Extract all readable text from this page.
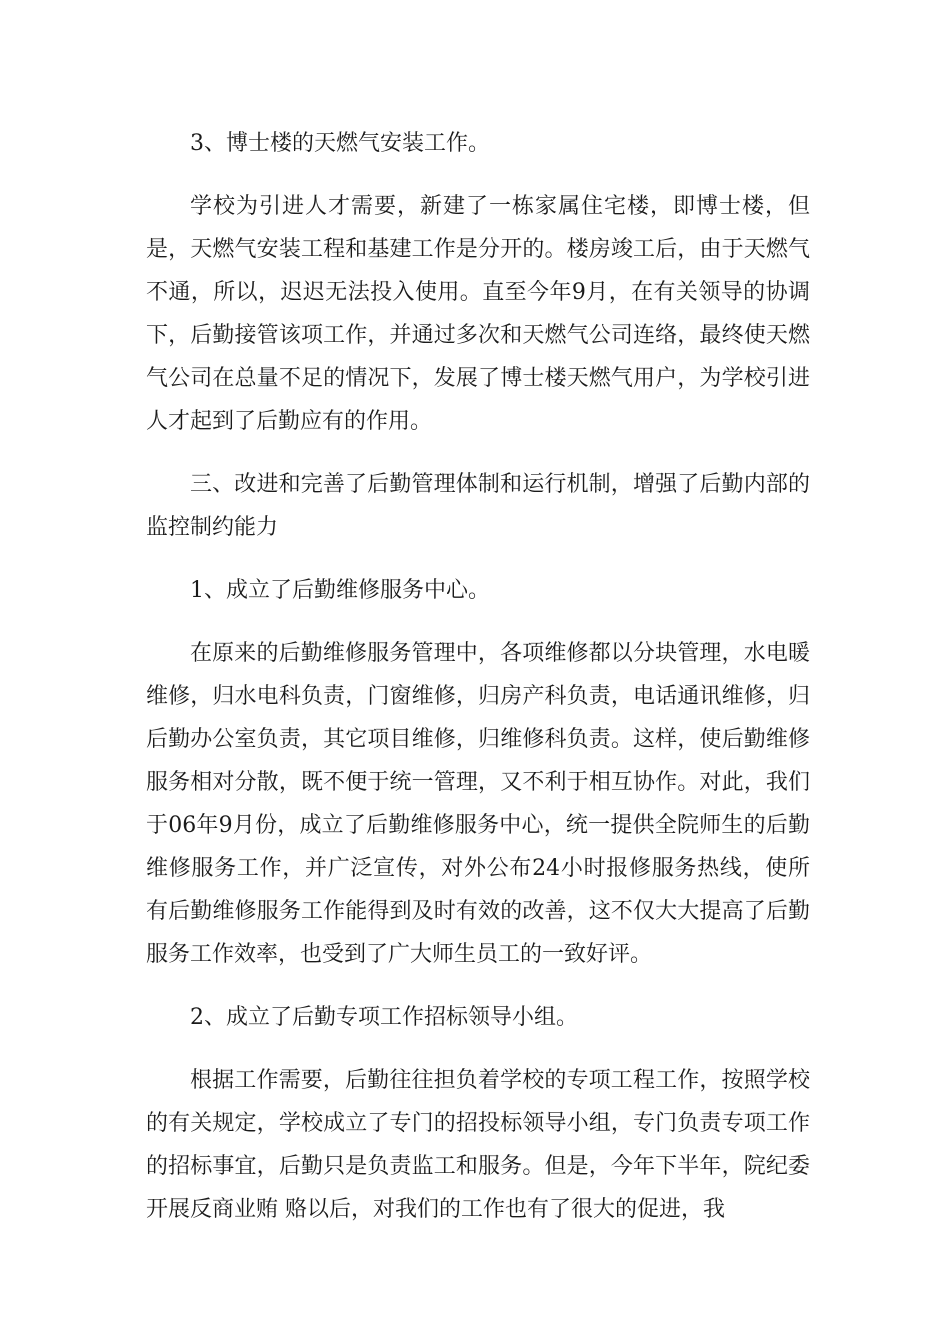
3、博士楼的天燃气安装工作。

学校为引进人才需要，新建了一栋家属住宅楼，即博士楼，但是，天燃气安装工程和基建工作是分开的。楼房竣工后，由于天燃气不通，所以，迟迟无法投入使用。直至今年9月，在有关领导的协调下，后勤接管该项工作，并通过多次和天燃气公司连络，最终使天燃气公司在总量不足的情况下，发展了博士楼天燃气用户，为学校引进人才起到了后勤应有的作用。

三、改进和完善了后勤管理体制和运行机制，增强了后勤内部的监控制约能力

1、成立了后勤维修服务中心。

在原来的后勤维修服务管理中，各项维修都以分块管理，水电暖维修，归水电科负责，门窗维修，归房产科负责，电话通讯维修，归后勤办公室负责，其它项目维修，归维修科负责。这样，使后勤维修服务相对分散，既不便于统一管理，又不利于相互协作。对此，我们于06年9月份，成立了后勤维修服务中心，统一提供全院师生的后勤维修服务工作，并广泛宣传，对外公布24小时报修服务热线，使所有后勤维修服务工作能得到及时有效的改善，这不仅大大提高了后勤服务工作效率，也受到了广大师生员工的一致好评。

2、成立了后勤专项工作招标领导小组。

根据工作需要，后勤往往担负着学校的专项工程工作，按照学校的有关规定，学校成立了专门的招投标领导小组，专门负责专项工作的招标事宜，后勤只是负责监工和服务。但是，今年下半年，院纪委开展反商业贿 赂以后，对我们的工作也有了很大的促进，我
